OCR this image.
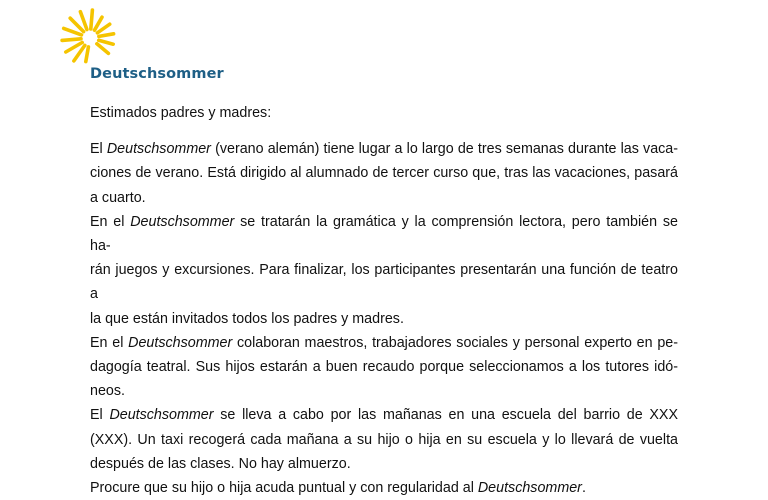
Deutschsommer

Estimados padres y madres:

El Deutschsommer (verano alemán) tiene lugar a lo largo de tres semanas durante las vaca-
ciones de verano. Está dirigido al alumnado de tercer curso que, tras las vacaciones, pasará
a cuarto.
En el Deutschsommer se tratarán la gramática y la comprensión lectora, pero también se ha-
rán juegos y excursiones. Para finalizar, los participantes presentarán una función de teatro a
la que están invitados todos los padres y madres.
En el Deutschsommer colaboran maestros, trabajadores sociales y personal experto en pe-
dagogía teatral. Sus hijos estarán a buen recaudo porque seleccionamos a los tutores idó-
neos.
El Deutschsommer se lleva a cabo por las mañanas en una escuela del barrio de XXX
(XXX). Un taxi recogerá cada mañana a su hijo o hija en su escuela y lo llevará de vuelta
después de las clases. No hay almuerzo.
Procure que su hijo o hija acuda puntual y con regularidad al Deutschsommer.
